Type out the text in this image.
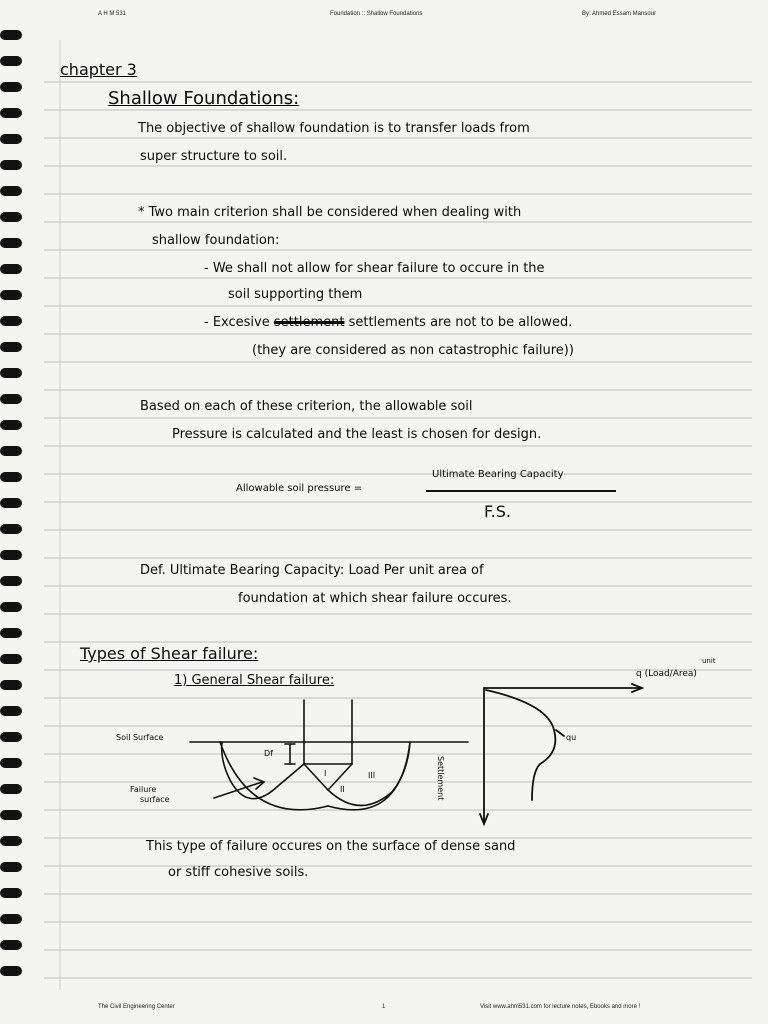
A H M 531	Foundation :: Shallow Foundations	By: Ahmed Essam Mansour
chapter 3
Shallow Foundations:
The objective of shallow foundation is to transfer loads from
super structure to soil.
* Two main criterion shall be considered when dealing with
shallow foundation:
- We shall not allow for shear failure to occure in the
soil supporting them
- Excesive settlement settlements are not to be allowed.
(they are considered as non catastrophic failure))
Based on each of these criterion, the allowable soil
Pressure is calculated and the least is chosen for design.
Allowable soil pressure =
Ultimate Bearing Capacity
F.S.
Def. Ultimate Bearing Capacity: Load Per unit area of
foundation at which shear failure occures.
Types of Shear failure:
1) General Shear failure:
Soil Surface
Df
I
II
III
Failure
surface
q (Load/Area)
unit
Settlement
qu
This type of failure occures on the surface of dense sand
or stiff cohesive soils.
The Civil Engineering Center	1	Visit www.ahm531.com for lecture notes, Ebooks and more !
